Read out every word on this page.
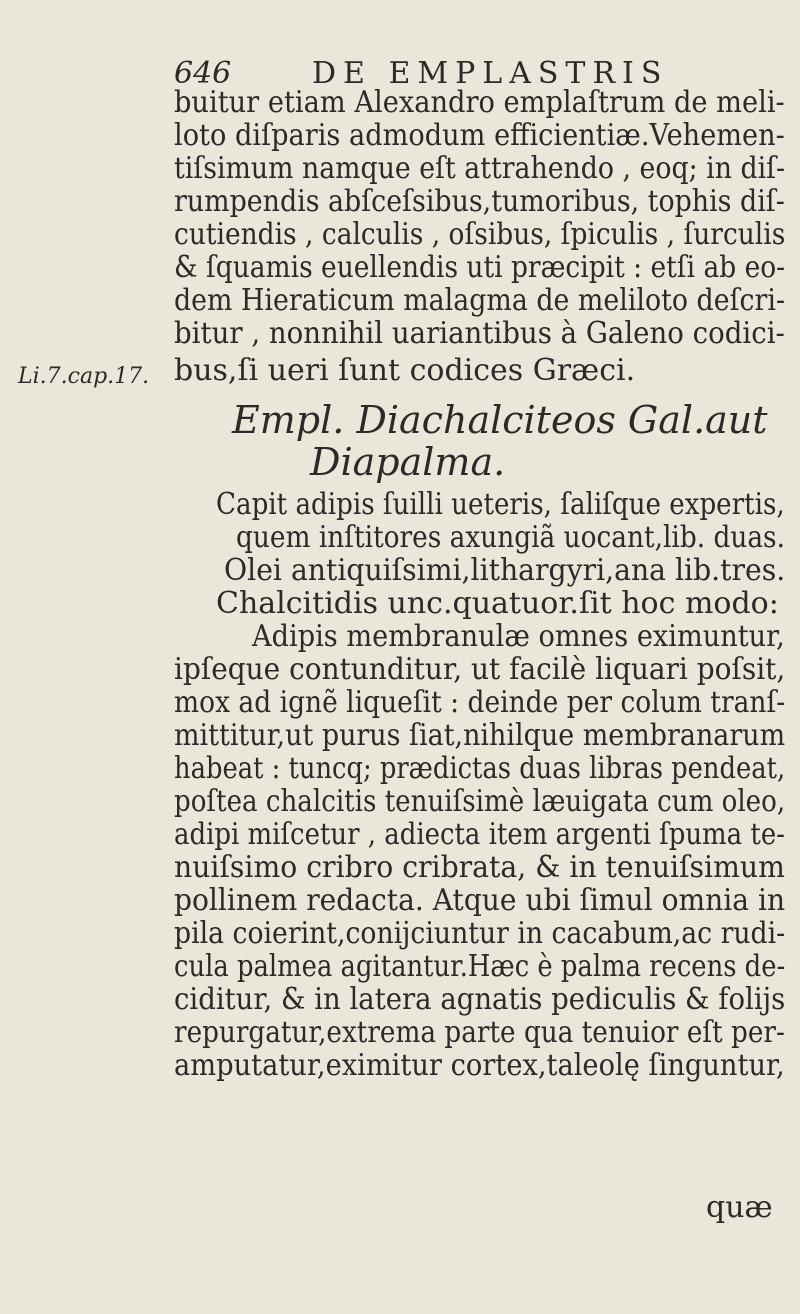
646	DE EMPLASTRIS
Li.7.cap.17.
buitur etiam Alexandro emplaſtrum de meli-
loto diſparis admodum efficientiæ.Vehemen-
tiſsimum namque eſt attrahendo , eoq; in diſ-
rumpendis abſceſsibus,tumoribus, tophis diſ-
cutiendis , calculis , oſsibus, ſpiculis , ſurculis
& ſquamis euellendis uti præcipit : etſi ab eo-
dem Hieraticum malagma de meliloto deſcri-
bitur , nonnihil uariantibus à Galeno codici-
bus,ſi ueri ſunt codices Græci.
Empl. Diachalciteos Gal.aut
Diapalma.
Capit adipis ſuilli ueteris, ſaliſque expertis,
quem inſtitores axungiã uocant,lib. duas.
Olei antiquiſsimi,lithargyri,ana lib.tres.
Chalcitidis unc.quatuor.ſit hoc modo:
Adipis membranulæ omnes eximuntur,
ipſeque contunditur, ut facilè liquari poſsit,
mox ad ignẽ liqueſit : deinde per colum tranſ-
mittitur,ut purus ſiat,nihilque membranarum
habeat : tuncq; prædictas duas libras pendeat,
poſtea chalcitis tenuiſsimè læuigata cum oleo,
adipi miſcetur , adiecta item argenti ſpuma te-
nuiſsimo cribro cribrata, & in tenuiſsimum
pollinem redacta. Atque ubi ſimul omnia in
pila coierint,conijciuntur in cacabum,ac rudi-
cula palmea agitantur.Hæc è palma recens de-
ciditur, & in latera agnatis pediculis & folijs
repurgatur,extrema parte qua tenuior eſt per-
amputatur,eximitur cortex,taleolę ſinguntur,
quæ
